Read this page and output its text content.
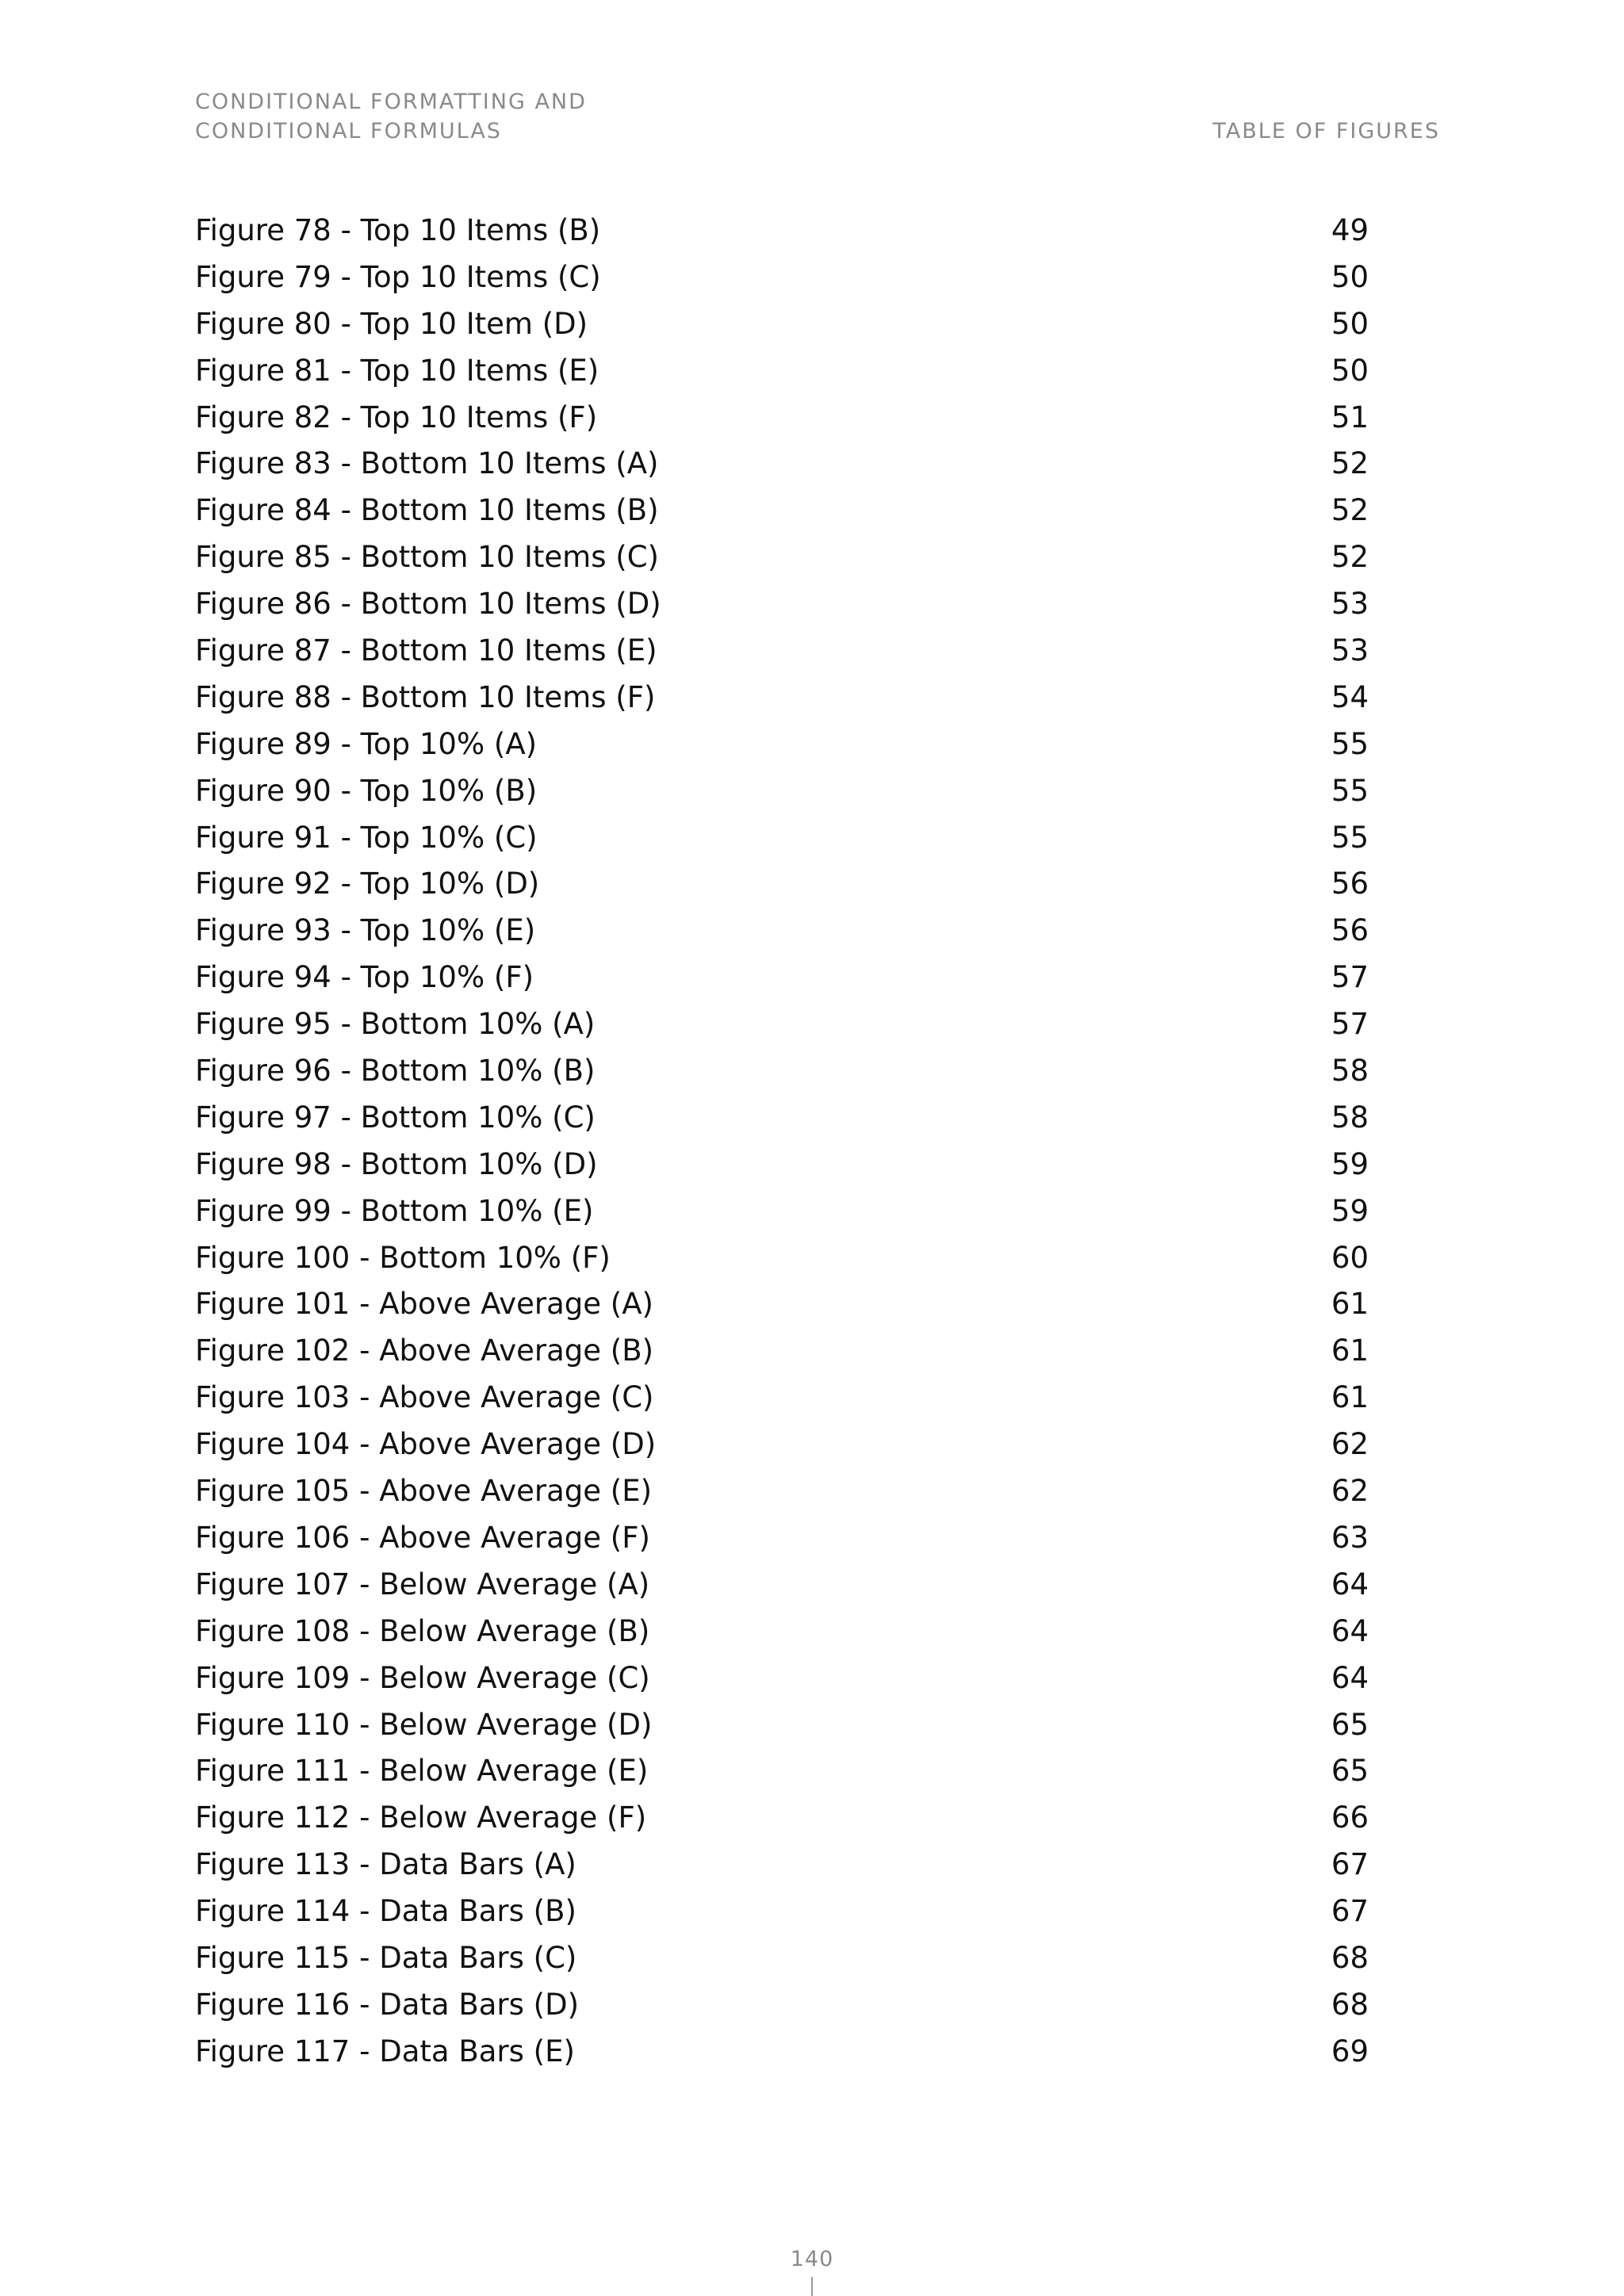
CONDITIONAL FORMATTING AND
CONDITIONAL FORMULAS	TABLE OF FIGURES
Figure 78 - Top 10 Items (B)	49
Figure 79 - Top 10 Items (C)	50
Figure 80 - Top 10 Item (D)	50
Figure 81 - Top 10 Items (E)	50
Figure 82 - Top 10 Items (F)	51
Figure 83 - Bottom 10 Items (A)	52
Figure 84 - Bottom 10 Items (B)	52
Figure 85 - Bottom 10 Items (C)	52
Figure 86 - Bottom 10 Items (D)	53
Figure 87 - Bottom 10 Items (E)	53
Figure 88 - Bottom 10 Items (F)	54
Figure 89 - Top 10% (A)	55
Figure 90 - Top 10% (B)	55
Figure 91 - Top 10% (C)	55
Figure 92 - Top 10% (D)	56
Figure 93 - Top 10% (E)	56
Figure 94 - Top 10% (F)	57
Figure 95 - Bottom 10% (A)	57
Figure 96 - Bottom 10% (B)	58
Figure 97 - Bottom 10% (C)	58
Figure 98 - Bottom 10% (D)	59
Figure 99 - Bottom 10% (E)	59
Figure 100 - Bottom 10% (F)	60
Figure 101 - Above Average (A)	61
Figure 102 - Above Average (B)	61
Figure 103 - Above Average (C)	61
Figure 104 - Above Average (D)	62
Figure 105 - Above Average (E)	62
Figure 106 - Above Average (F)	63
Figure 107 - Below Average (A)	64
Figure 108 - Below Average (B)	64
Figure 109 - Below Average (C)	64
Figure 110 - Below Average (D)	65
Figure 111 - Below Average (E)	65
Figure 112 - Below Average (F)	66
Figure 113 - Data Bars (A)	67
Figure 114 - Data Bars (B)	67
Figure 115 - Data Bars (C)	68
Figure 116 - Data Bars (D)	68
Figure 117 - Data Bars (E)	69
140
